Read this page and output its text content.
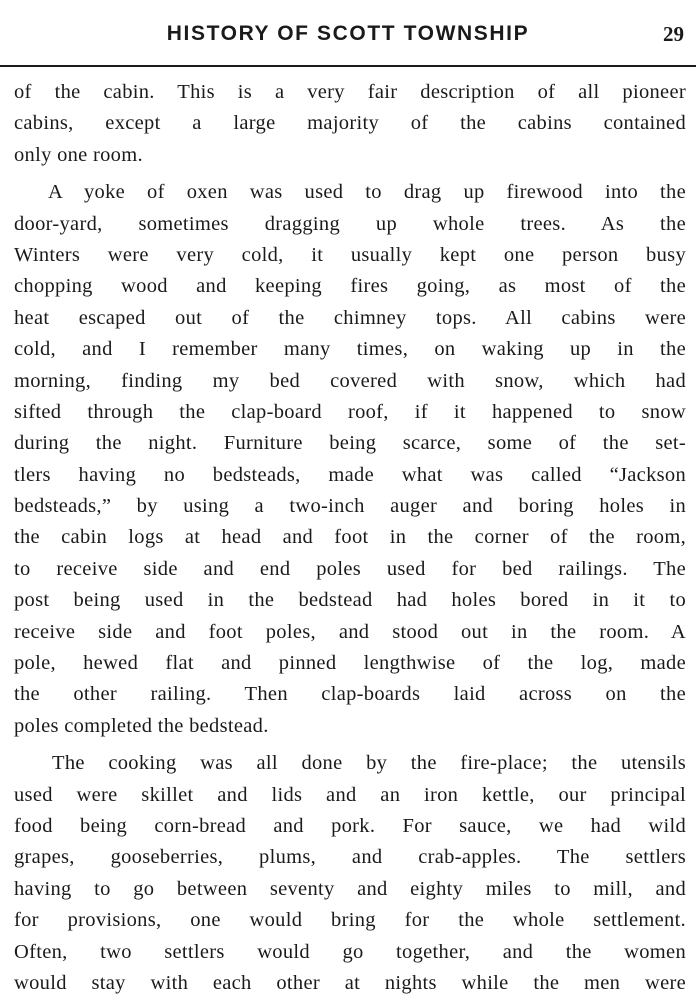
HISTORY OF SCOTT TOWNSHIP	29
of the cabin. This is a very fair description of all pioneer
cabins, except a large majority of the cabins contained
only one room.
A yoke of oxen was used to drag up firewood into the
door-yard, sometimes dragging up whole trees. As the
Winters were very cold, it usually kept one person busy
chopping wood and keeping fires going, as most of the
heat escaped out of the chimney tops. All cabins were
cold, and I remember many times, on waking up in the
morning, finding my bed covered with snow, which had
sifted through the clap-board roof, if it happened to snow
during the night. Furniture being scarce, some of the set-
tlers having no bedsteads, made what was called “Jackson
bedsteads,” by using a two-inch auger and boring holes in
the cabin logs at head and foot in the corner of the room,
to receive side and end poles used for bed railings. The
post being used in the bedstead had holes bored in it to
receive side and foot poles, and stood out in the room. A
pole, hewed flat and pinned lengthwise of the log, made
the other railing. Then clap-boards laid across on the
poles completed the bedstead.
The cooking was all done by the fire-place; the utensils
used were skillet and lids and an iron kettle, our principal
food being corn-bread and pork. For sauce, we had wild
grapes, gooseberries, plums, and crab-apples. The settlers
having to go between seventy and eighty miles to mill, and
for provisions, one would bring for the whole settlement.
Often, two settlers would go together, and the women
would stay with each other at nights while the men were
